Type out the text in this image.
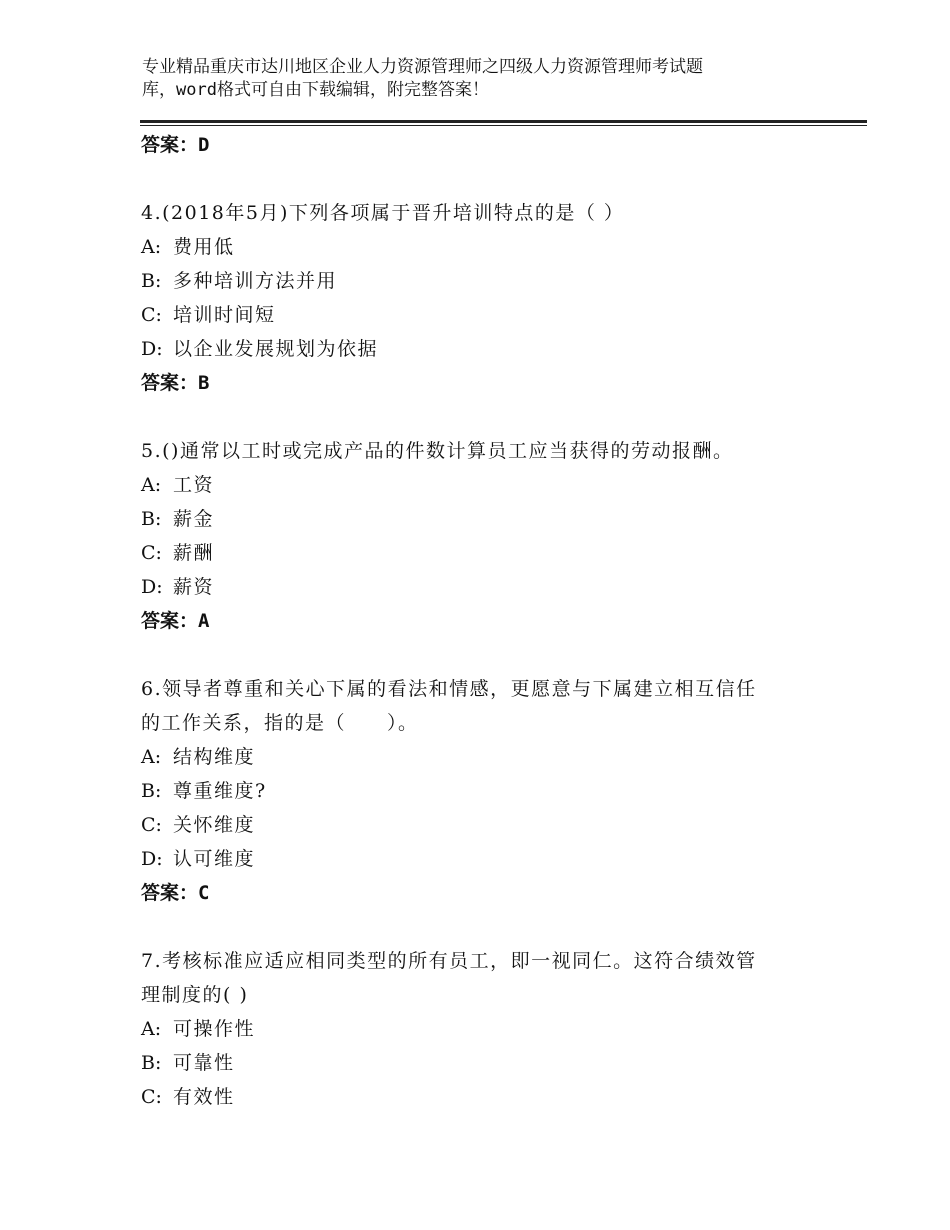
专业精品重庆市达川地区企业人力资源管理师之四级人力资源管理师考试题
库，word格式可自由下载编辑，附完整答案！
答案：D
4.(2018年5月)下列各项属于晋升培训特点的是（ ）
A: 费用低
B: 多种培训方法并用
C: 培训时间短
D: 以企业发展规划为依据
答案：B
5.()通常以工时或完成产品的件数计算员工应当获得的劳动报酬。
A: 工资
B: 薪金
C: 薪酬
D: 薪资
答案：A
6.领导者尊重和关心下属的看法和情感，更愿意与下属建立相互信任
的工作关系，指的是（　　）。
A: 结构维度
B: 尊重维度?
C: 关怀维度
D: 认可维度
答案：C
7.考核标准应适应相同类型的所有员工，即一视同仁。这符合绩效管
理制度的( )
A: 可操作性
B: 可靠性
C: 有效性
